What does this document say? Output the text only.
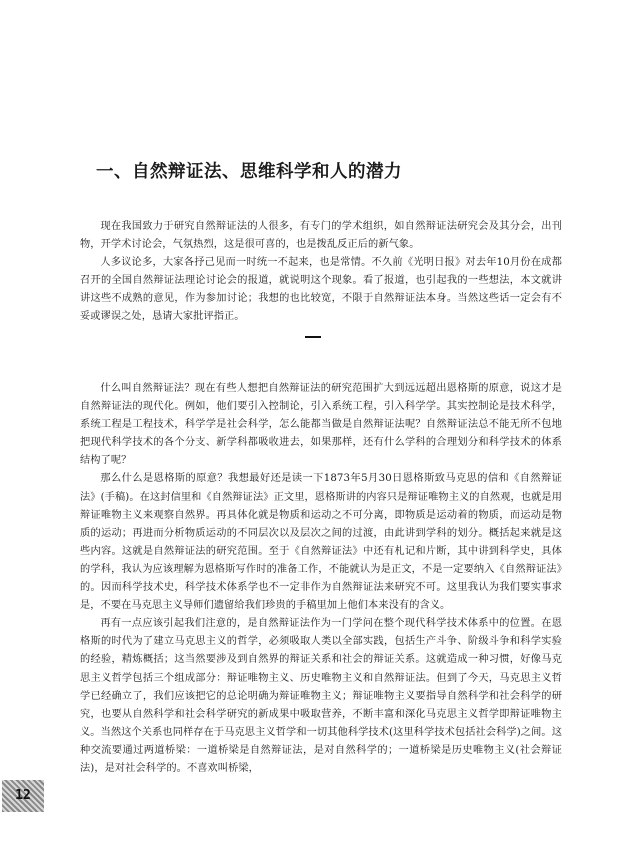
一、自然辩证法、思维科学和人的潜力

现在我国致力于研究自然辩证法的人很多，有专门的学术组织，如自然辩证法研究会及其分会，出刊物，开学术讨论会，气氛热烈，这是很可喜的，也是拨乱反正后的新气象。

人多议论多，大家各抒己见而一时统一不起来，也是常情。不久前《光明日报》对去年10月份在成都召开的全国自然辩证法理论讨论会的报道，就说明这个现象。看了报道，也引起我的一些想法，本文就讲讲这些不成熟的意见，作为参加讨论；我想的也比较宽，不限于自然辩证法本身。当然这些话一定会有不妥或谬误之处，恳请大家批评指正。

什么叫自然辩证法？现在有些人想把自然辩证法的研究范围扩大到远远超出恩格斯的原意，说这才是自然辩证法的现代化。例如，他们要引入控制论，引入系统工程，引入科学学。其实控制论是技术科学，系统工程是工程技术，科学学是社会科学，怎么能都当做是自然辩证法呢？自然辩证法总不能无所不包地把现代科学技术的各个分支、新学科都吸收进去，如果那样，还有什么学科的合理划分和科学技术的体系结构了呢？

那么什么是恩格斯的原意？我想最好还是读一下1873年5月30日恩格斯致马克思的信和《自然辩证法》(手稿)。在这封信里和《自然辩证法》正文里，恩格斯讲的内容只是辩证唯物主义的自然观，也就是用辩证唯物主义来观察自然界。再具体化就是物质和运动之不可分离，即物质是运动着的物质，而运动是物质的运动；再进而分析物质运动的不同层次以及层次之间的过渡，由此讲到学科的划分。概括起来就是这些内容。这就是自然辩证法的研究范围。至于《自然辩证法》中还有札记和片断，其中讲到科学史，具体的学科，我认为应该理解为恩格斯写作时的准备工作，不能就认为是正文，不是一定要纳入《自然辩证法》的。因而科学技术史，科学技术体系学也不一定非作为自然辩证法来研究不可。这里我认为我们要实事求是，不要在马克思主义导师们遗留给我们珍贵的手稿里加上他们本来没有的含义。

再有一点应该引起我们注意的，是自然辩证法作为一门学问在整个现代科学技术体系中的位置。在恩格斯的时代为了建立马克思主义的哲学，必须吸取人类以全部实践，包括生产斗争、阶级斗争和科学实验的经验，精炼概括；这当然要涉及到自然界的辩证关系和社会的辩证关系。这就造成一种习惯，好像马克思主义哲学包括三个组成部分：辩证唯物主义、历史唯物主义和自然辩证法。但到了今天，马克思主义哲学已经确立了，我们应该把它的总论明确为辩证唯物主义；辩证唯物主义要指导自然科学和社会科学的研究，也要从自然科学和社会科学研究的新成果中吸取营养，不断丰富和深化马克思主义哲学即辩证唯物主义。当然这个关系也同样存在于马克思主义哲学和一切其他科学技术(这里科学技术包括社会科学)之间。这种交流要通过两道桥梁：一道桥梁是自然辩证法，是对自然科学的；一道桥梁是历史唯物主义(社会辩证法)，是对社会科学的。不喜欢叫桥梁，

12
